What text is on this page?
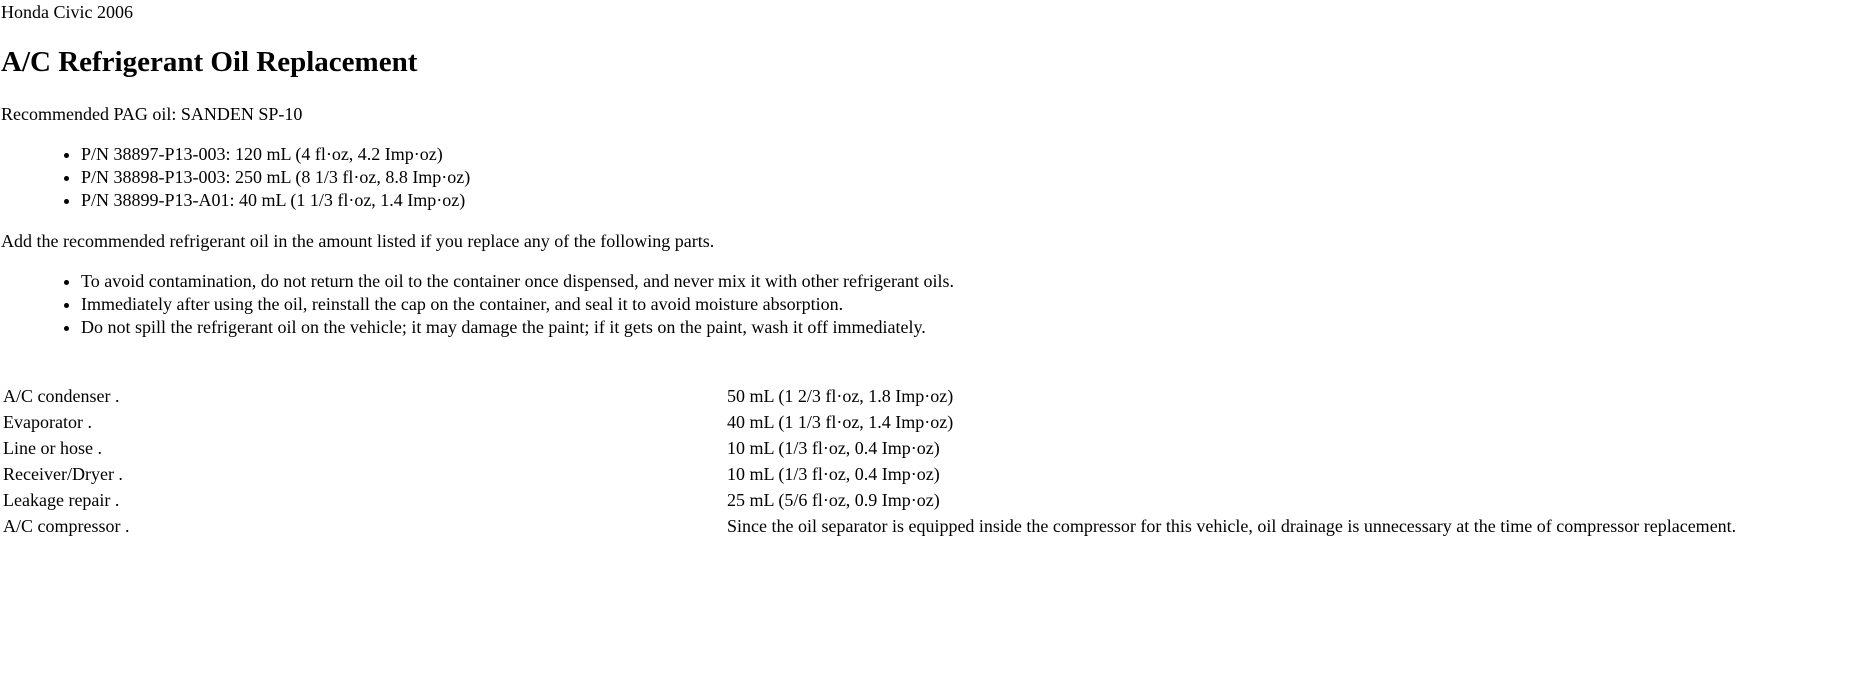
Honda Civic 2006
A/C Refrigerant Oil Replacement

Recommended PAG oil: SANDEN SP-10

• P/N 38897-P13-003: 120 mL (4 fl·oz, 4.2 Imp·oz)
• P/N 38898-P13-003: 250 mL (8 1/3 fl·oz, 8.8 Imp·oz)
• P/N 38899-P13-A01: 40 mL (1 1/3 fl·oz, 1.4 Imp·oz)

Add the recommended refrigerant oil in the amount listed if you replace any of the following parts.

• To avoid contamination, do not return the oil to the container once dispensed, and never mix it with other refrigerant oils.
• Immediately after using the oil, reinstall the cap on the container, and seal it to avoid moisture absorption.
• Do not spill the refrigerant oil on the vehicle; it may damage the paint; if it gets on the paint, wash it off immediately.
A/C condenser .	50 mL (1 2/3 fl·oz, 1.8 Imp·oz)
Evaporator .	40 mL (1 1/3 fl·oz, 1.4 Imp·oz)
Line or hose .	10 mL (1/3 fl·oz, 0.4 Imp·oz)
Receiver/Dryer .	10 mL (1/3 fl·oz, 0.4 Imp·oz)
Leakage repair .	25 mL (5/6 fl·oz, 0.9 Imp·oz)
A/C compressor .	Since the oil separator is equipped inside the compressor for this vehicle, oil drainage is unnecessary at the time of compressor replacement.
